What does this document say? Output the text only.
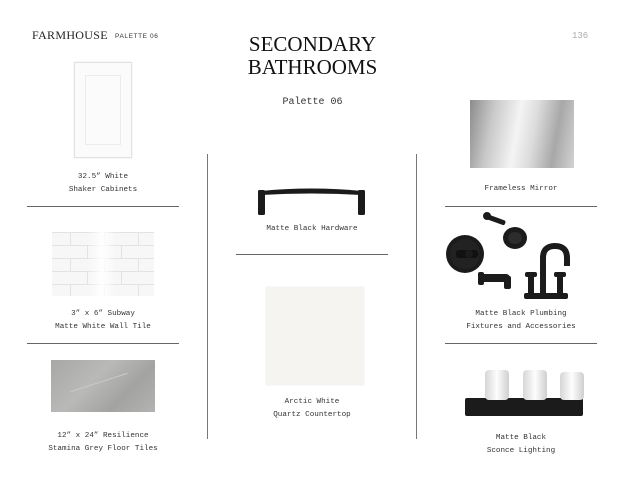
FARMHOUSE PALETTE 06	136
SECONDARY
BATHROOMS
Palette 06
32.5” White
Shaker Cabinets
3” x 6” Subway
Matte White Wall Tile
12” x 24” Resilience
Stamina Grey Floor Tiles
Matte Black Hardware
Arctic White
Quartz Countertop
Frameless Mirror
Matte Black Plumbing
Fixtures and Accessories
Matte Black
Sconce Lighting
